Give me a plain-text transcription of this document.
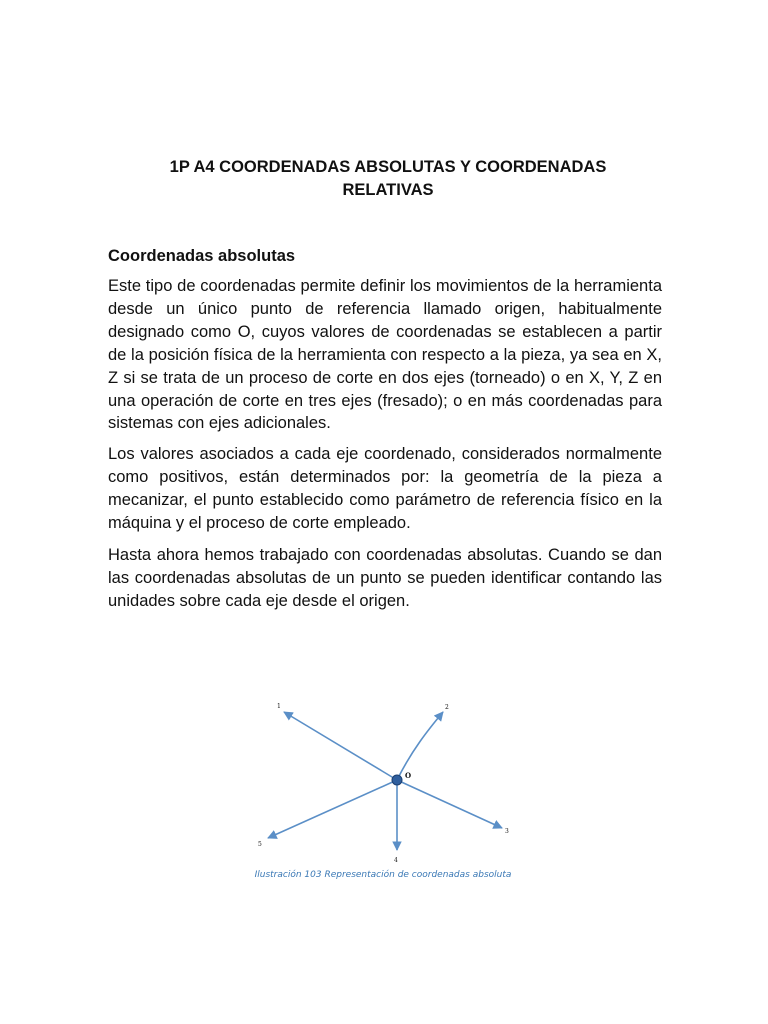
1P A4 COORDENADAS ABSOLUTAS Y COORDENADAS
RELATIVAS
Coordenadas absolutas

Este tipo de coordenadas permite definir los movimientos de la herramienta desde un único punto de referencia llamado origen, habitualmente designado como O, cuyos valores de coordenadas se establecen a partir de la posición física de la herramienta con respecto a la pieza, ya sea en X, Z si se trata de un proceso de corte en dos ejes (torneado) o en X, Y, Z en una operación de corte en tres ejes (fresado); o en más coordenadas para sistemas con ejes adicionales.

Los valores asociados a cada eje coordenado, considerados normalmente como positivos, están determinados por: la geometría de la pieza a mecanizar, el punto establecido como parámetro de referencia físico en la máquina y el proceso de corte empleado.

Hasta ahora hemos trabajado con coordenadas absolutas. Cuando se dan las coordenadas absolutas de un punto se pueden identificar contando las unidades sobre cada eje desde el origen.

O
1	2
3
4
5

Ilustración 103 Representación de coordenadas absoluta
